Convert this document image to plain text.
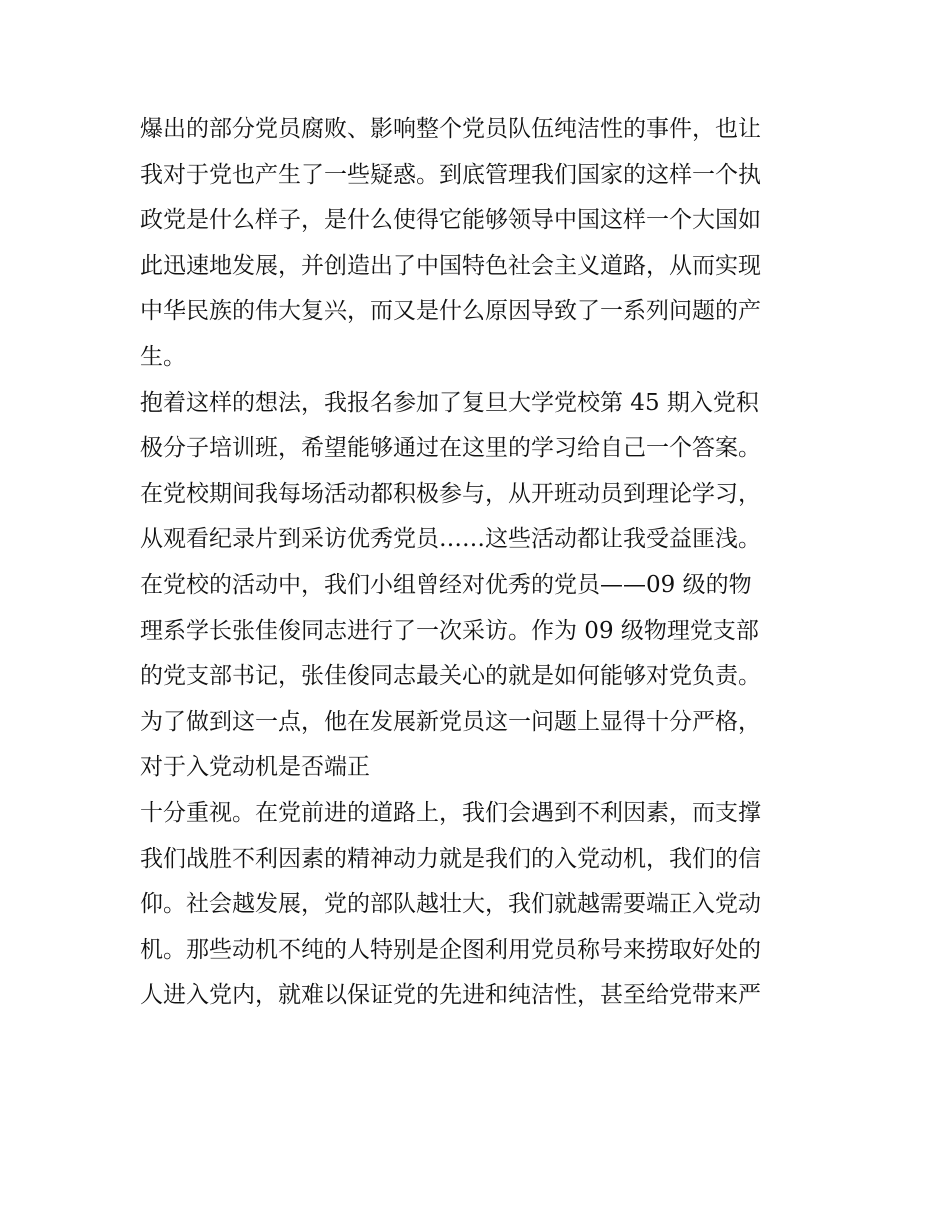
爆出的部分党员腐败、影响整个党员队伍纯洁性的事件，也让
我对于党也产生了一些疑惑。到底管理我们国家的这样一个执
政党是什么样子，是什么使得它能够领导中国这样一个大国如
此迅速地发展，并创造出了中国特色社会主义道路，从而实现
中华民族的伟大复兴，而又是什么原因导致了一系列问题的产
生。
抱着这样的想法，我报名参加了复旦大学党校第 45 期入党积
极分子培训班，希望能够通过在这里的学习给自己一个答案。
在党校期间我每场活动都积极参与，从开班动员到理论学习，
从观看纪录片到采访优秀党员……这些活动都让我受益匪浅。
在党校的活动中，我们小组曾经对优秀的党员——09 级的物
理系学长张佳俊同志进行了一次采访。作为 09 级物理党支部
的党支部书记，张佳俊同志最关心的就是如何能够对党负责。
为了做到这一点，他在发展新党员这一问题上显得十分严格，
对于入党动机是否端正
十分重视。在党前进的道路上，我们会遇到不利因素，而支撑
我们战胜不利因素的精神动力就是我们的入党动机，我们的信
仰。社会越发展，党的部队越壮大，我们就越需要端正入党动
机。那些动机不纯的人特别是企图利用党员称号来捞取好处的
人进入党内，就难以保证党的先进和纯洁性，甚至给党带来严
